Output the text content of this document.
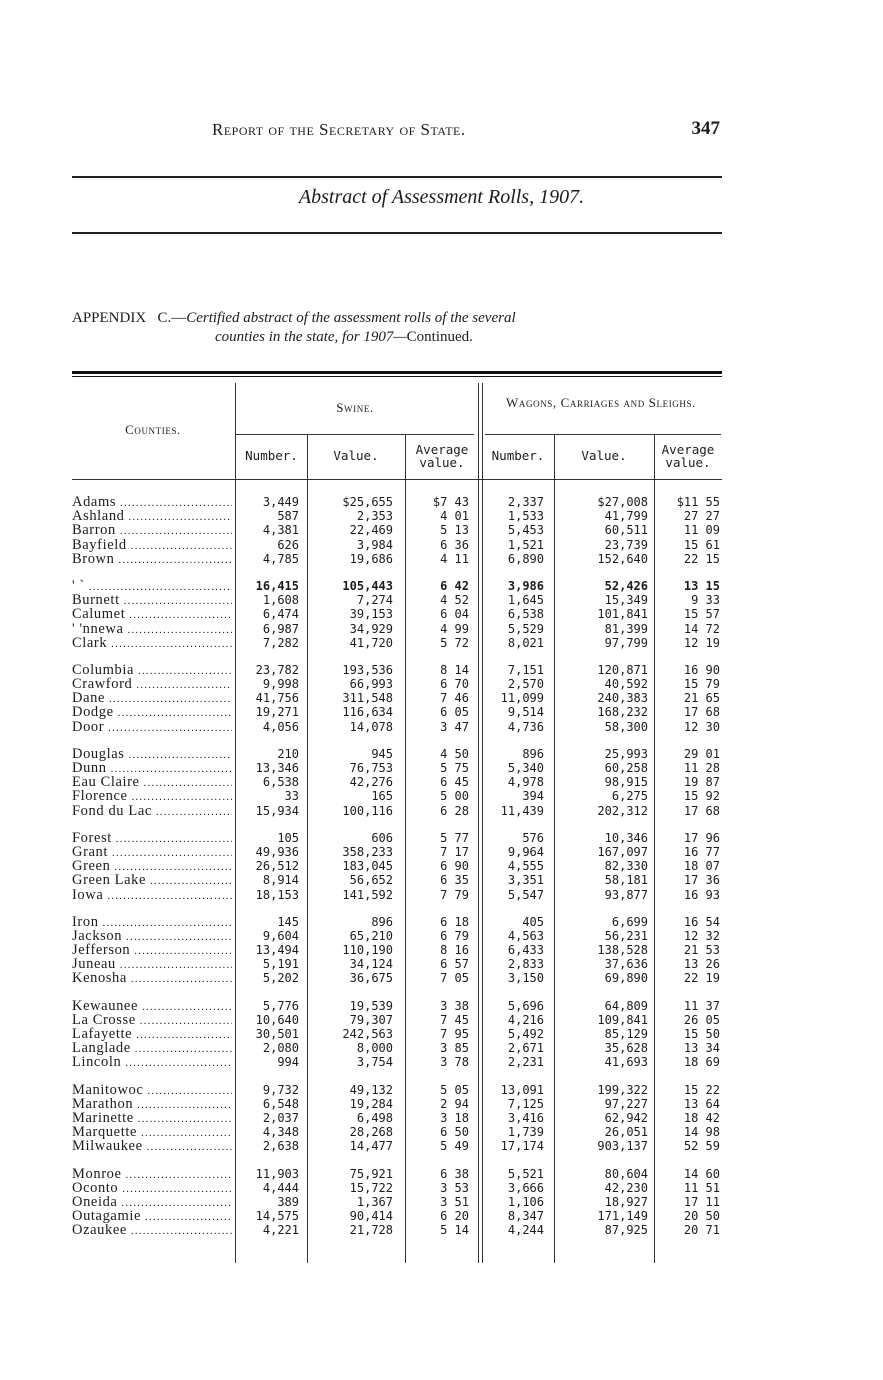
Report of the Secretary of State.	347
Abstract of Assessment Rolls, 1907.
APPENDIX C.—Certified abstract of the assessment rolls of the several
counties in the state, for 1907—Continued.
Counties.
Swine.	Wagons, Carriages and Sleighs.
Number.	Value.	Average value.	Number.	Value.	Average value.
Adams .....	3,449	$25,655	$7 43	2,337	$27,008 $11 55
Ashland .....	587	2,353	4 01	1,533	41,799	27 27
Barron .....	4,381	22,469	5 13	5,453	60,511	11 09
Bayfield .....	626	3,984	6 36	1,521	23,739	15 61
Brown .....	4,785	19,686	4 11	6,890	152,640	22 15
' ` .....	16,415	105,443	6 42	3,986	52,426	13 15
Burnett .....	1,608	7,274	4 52	1,645	15,349	9 33
Calumet .....	6,474	39,153	6 04	6,538	101,841	15 57
' 'nnewa .....	6,987	34,929	4 99	5,529	81,399	14 72
Clark .....	7,282	41,720	5 72	8,021	97,799	12 19
Columbia .....	23,782	193,536	8 14	7,151	120,871	16 90
Crawford .....	9,998	66,993	6 70	2,570	40,592	15 79
Dane .....	41,756	311,548	7 46	11,099	240,383	21 65
Dodge .....	19,271	116,634	6 05	9,514	168,232	17 68
Door .....	4,056	14,078	3 47	4,736	58,300	12 30
Douglas .....	210	945	4 50	896	25,993	29 01
Dunn .....	13,346	76,753	5 75	5,340	60,258	11 28
Eau Claire .....	6,538	42,276	6 45	4,978	98,915	19 87
Florence .....	33	165	5 00	394	6,275	15 92
Fond du Lac .....	15,934	100,116	6 28	11,439	202,312	17 68
Forest .....	105	606	5 77	576	10,346	17 96
Grant .....	49,936	358,233	7 17	9,964	167,097	16 77
Green .....	26,512	183,045	6 90	4,555	82,330	18 07
Green Lake .....	8,914	56,652	6 35	3,351	58,181	17 36
Iowa .....	18,153	141,592	7 79	5,547	93,877	16 93
Iron .....	145	896	6 18	405	6,699	16 54
Jackson .....	9,604	65,210	6 79	4,563	56,231	12 32
Jefferson .....	13,494	110,190	8 16	6,433	138,528	21 53
Juneau .....	5,191	34,124	6 57	2,833	37,636	13 26
Kenosha .....	5,202	36,675	7 05	3,150	69,890	22 19
Kewaunee .....	5,776	19,539	3 38	5,696	64,809	11 37
La Crosse .....	10,640	79,307	7 45	4,216	109,841	26 05
Lafayette .....	30,501	242,563	7 95	5,492	85,129	15 50
Langlade .....	2,080	8,000	3 85	2,671	35,628	13 34
Lincoln .....	994	3,754	3 78	2,231	41,693	18 69
Manitowoc .....	9,732	49,132	5 05	13,091	199,322	15 22
Marathon .....	6,548	19,284	2 94	7,125	97,227	13 64
Marinette .....	2,037	6,498	3 18	3,416	62,942	18 42
Marquette .....	4,348	28,268	6 50	1,739	26,051	14 98
Milwaukee .....	2,638	14,477	5 49	17,174	903,137	52 59
Monroe .....	11,903	75,921	6 38	5,521	80,604	14 60
Oconto .....	4,444	15,722	3 53	3,666	42,230	11 51
Oneida .....	389	1,367	3 51	1,106	18,927	17 11
Outagamie .....	14,575	90,414	6 20	8,347	171,149	20 50
Ozaukee .....	4,221	21,728	5 14	4,244	87,925	20 71
